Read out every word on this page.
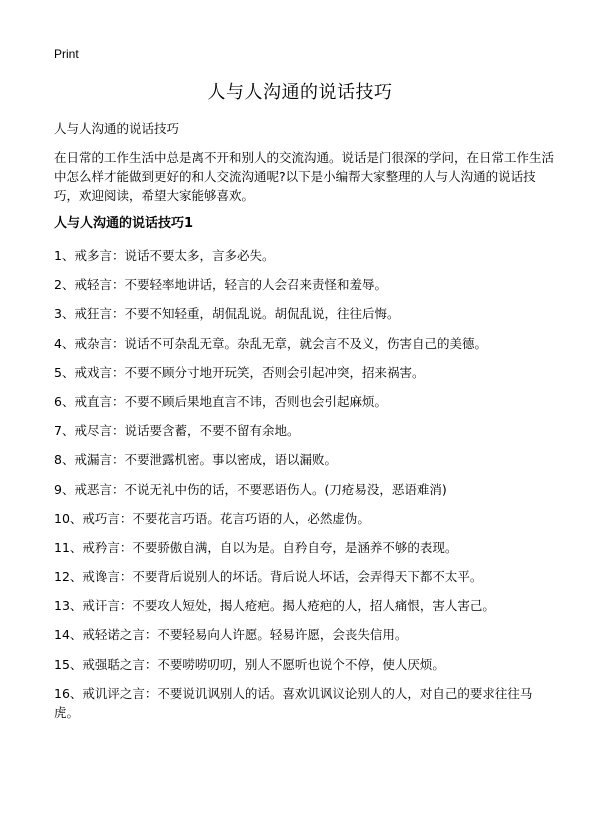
Print
人与人沟通的说话技巧
人与人沟通的说话技巧

在日常的工作生活中总是离不开和别人的交流沟通。说话是门很深的学问，在日常工作生活中怎么样才能做到更好的和人交流沟通呢?以下是小编帮大家整理的人与人沟通的说话技巧，欢迎阅读，希望大家能够喜欢。

人与人沟通的说话技巧1
1、戒多言：说话不要太多，言多必失。
2、戒轻言：不要轻率地讲话，轻言的人会召来责怪和羞辱。
3、戒狂言：不要不知轻重，胡侃乱说。胡侃乱说，往往后悔。
4、戒杂言：说话不可杂乱无章。杂乱无章，就会言不及义，伤害自己的美德。
5、戒戏言：不要不顾分寸地开玩笑，否则会引起冲突，招来祸害。
6、戒直言：不要不顾后果地直言不讳，否则也会引起麻烦。
7、戒尽言：说话要含蓄，不要不留有余地。
8、戒漏言：不要泄露机密。事以密成，语以漏败。
9、戒恶言：不说无礼中伤的话，不要恶语伤人。(刀疮易没，恶语难消)
10、戒巧言：不要花言巧语。花言巧语的人，必然虚伪。
11、戒矜言：不要骄傲自满，自以为是。自矜自夸，是涵养不够的表现。
12、戒谗言：不要背后说别人的坏话。背后说人坏话，会弄得天下都不太平。
13、戒讦言：不要攻人短处，揭人疮疤。揭人疮疤的人，招人痛恨，害人害己。
14、戒轻诺之言：不要轻易向人许愿。轻易许愿，会丧失信用。
15、戒强聒之言：不要唠唠叨叨，别人不愿听也说个不停，使人厌烦。
16、戒讥评之言：不要说讥讽别人的话。喜欢讥讽议论别人的人，对自己的要求往往马虎。
